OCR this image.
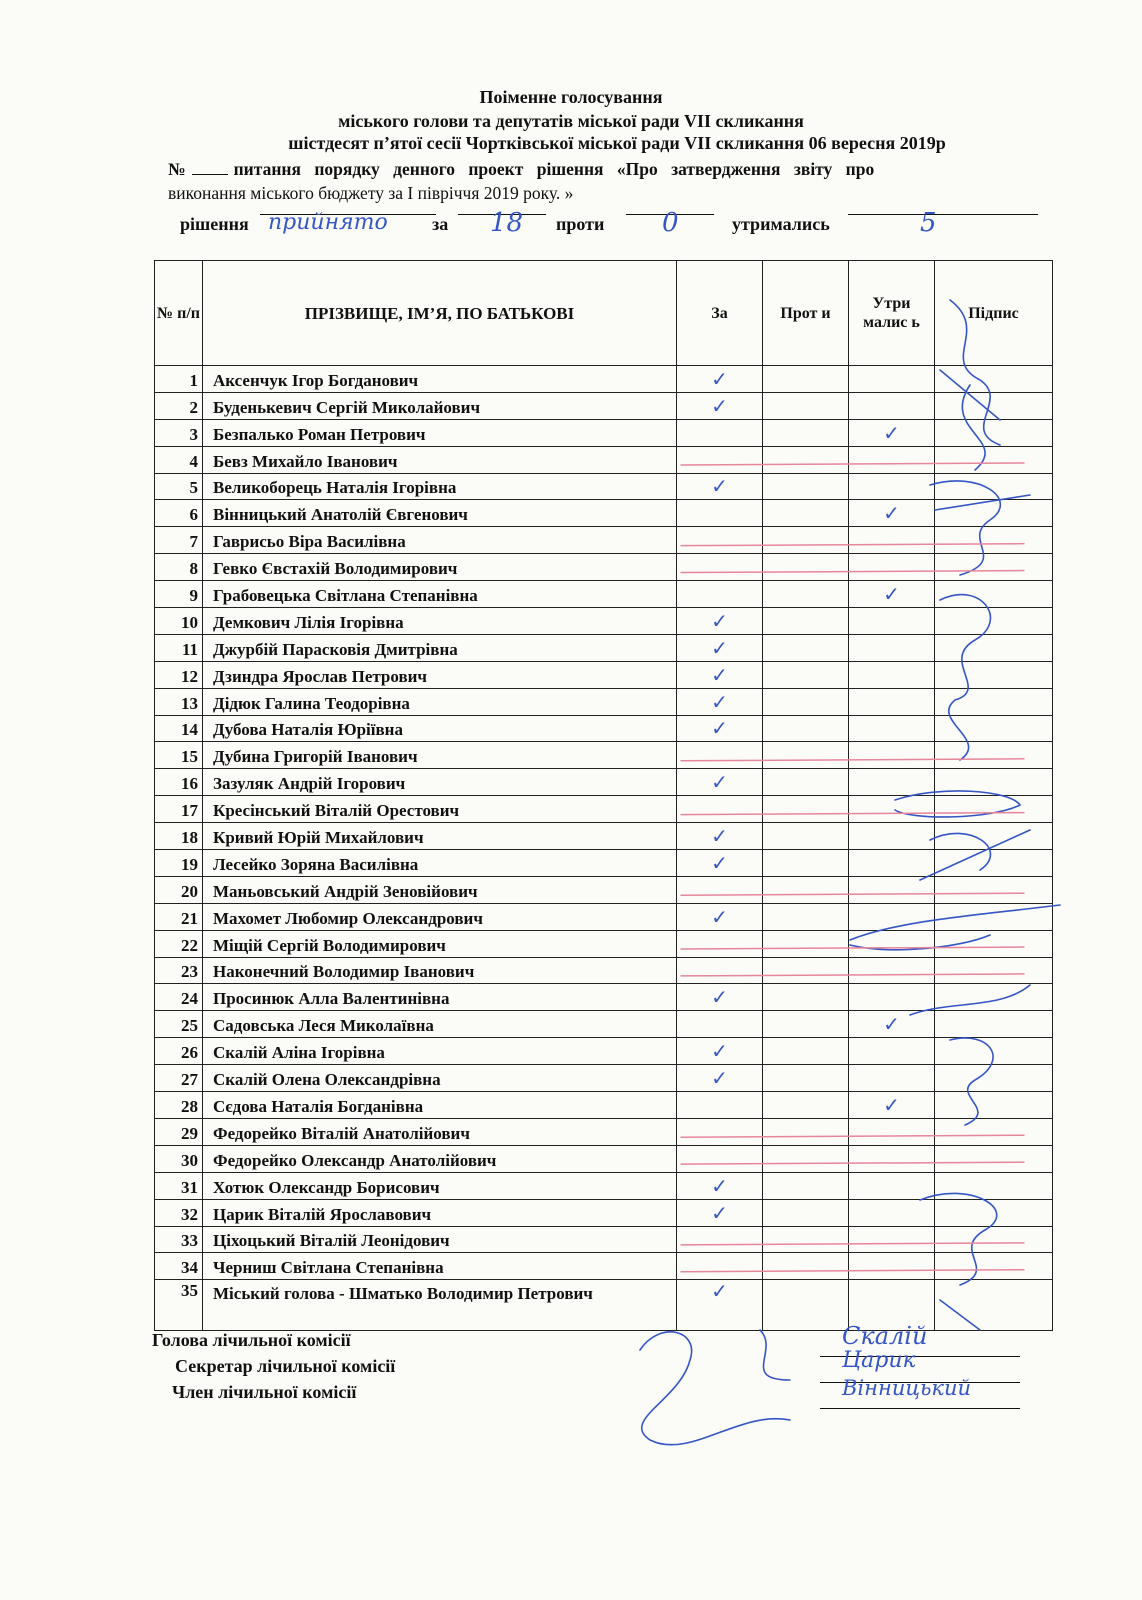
Поіменне голосування
міського голови та депутатів міської ради VII скликання
шістдесят п’ятої сесії Чортківської міської ради VII скликання 06 вересня 2019р
№	питання порядку денного проект рішення «Про затвердження звіту про
виконання міського бюджету за І півріччя 2019 року. »
рішення прийнято за 18 проти 0	утримались	5
№ п/п	ПРІЗВИЩЕ, ІМ’Я, ПО БАТЬКОВІ	За	Прот и	Утри малис ь	Підпис
1	Аксенчук Ігор Богданович	✓			
2	Буденькевич Сергій Миколайович	✓			
3	Безпалько Роман Петрович			✓	
4	Бевз Михайло Іванович				
5	Великоборець Наталія Ігорівна	✓			
6	Вінницький Анатолій Євгенович			✓	
7	Гаврисьо Віра Василівна				
8	Гевко Євстахій Володимирович				
9	Грабовецька Світлана Степанівна			✓	
10	Демкович Лілія Ігорівна	✓			
11	Джурбій Парасковія Дмитрівна	✓			
12	Дзиндра Ярослав Петрович	✓			
13	Дідюк Галина Теодорівна	✓			
14	Дубова Наталія Юріївна	✓			
15	Дубина Григорій Іванович				
16	Зазуляк Андрій Ігорович	✓			
17	Кресінський Віталій Орестович				
18	Кривий Юрій Михайлович	✓			
19	Лесейко Зоряна Василівна	✓			
20	Маньовський Андрій Зеновійович				
21	Махомет Любомир Олександрович	✓			
22	Міщій Сергій Володимирович				
23	Наконечний Володимир Іванович				
24	Просинюк Алла Валентинівна	✓			
25	Садовська Леся Миколаївна			✓	
26	Скалій Аліна Ігорівна	✓			
27	Скалій Олена Олександрівна	✓			
28	Сєдова Наталія Богданівна			✓	
29	Федорейко Віталій Анатолійович				
30	Федорейко Олександр Анатолійович				
31	Хотюк Олександр Борисович	✓			
32	Царик Віталій Ярославович	✓			
33	Ціхоцький Віталій Леонідович				
34	Черниш Світлана Степанівна				
35	Міський голова - Шматько Володимир Петрович	✓			
Голова лічильної комісії
Секретар лічильної комісії
Член лічильної комісії
Скалій
Царик
Вінницький
